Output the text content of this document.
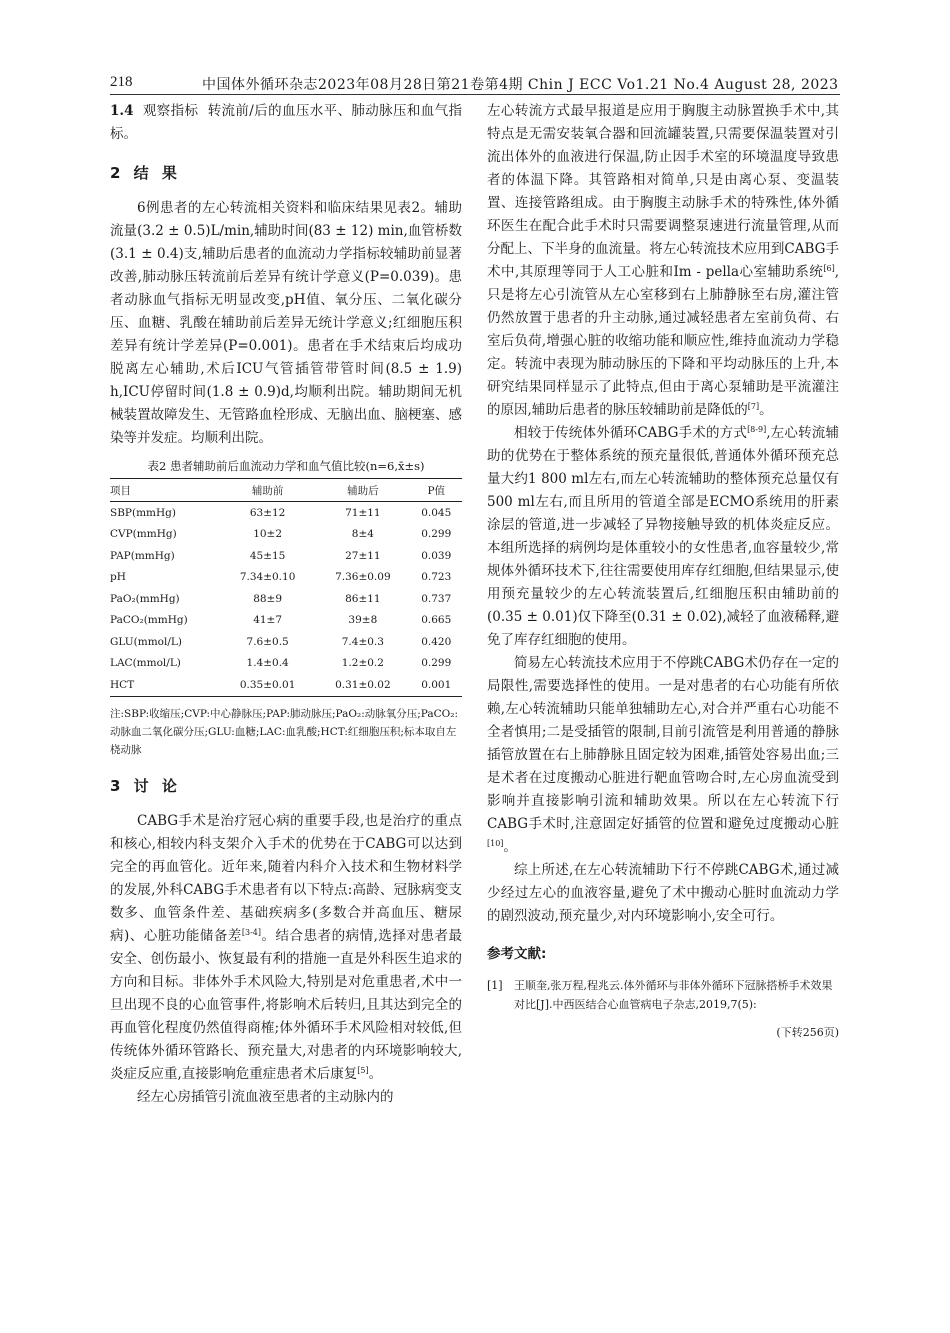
218	中国体外循环杂志2023年08月28日第21卷第4期 Chin J ECC Vo1.21 No.4 August 28, 2023

1.4 观察指标 转流前/后的血压水平、肺动脉压和血气指标。

2 结 果

6例患者的左心转流相关资料和临床结果见表2。辅助流量(3.2 ± 0.5)L/min,辅助时间(83 ± 12) min,血管桥数(3.1 ± 0.4)支,辅助后患者的血流动力学指标较辅助前显著改善,肺动脉压转流前后差异有统计学意义(P=0.039)。患者动脉血气指标无明显改变,pH值、氧分压、二氧化碳分压、血糖、乳酸在辅助前后差异无统计学意义;红细胞压积差异有统计学差异(P=0.001)。患者在手术结束后均成功脱离左心辅助,术后ICU气管插管带管时间(8.5 ± 1.9) h,ICU停留时间(1.8 ± 0.9)d,均顺利出院。辅助期间无机械装置故障发生、无管路血栓形成、无脑出血、脑梗塞、感染等并发症。均顺利出院。

表2 患者辅助前后血流动力学和血气值比较(n=6,x̄±s)
项目	辅助前	辅助后	P值
SBP(mmHg)	63±12	71±11	0.045
CVP(mmHg)	10±2	8±4	0.299
PAP(mmHg)	45±15	27±11	0.039
pH	7.34±0.10	7.36±0.09	0.723
PaO₂(mmHg)	88±9	86±11	0.737
PaCO₂(mmHg)	41±7	39±8	0.665
GLU(mmol/L)	7.6±0.5	7.4±0.3	0.420
LAC(mmol/L)	1.4±0.4	1.2±0.2	0.299
HCT	0.35±0.01	0.31±0.02	0.001

注:SBP:收缩压;CVP:中心静脉压;PAP:肺动脉压;PaO₂:动脉氧分压;PaCO₂:动脉血二氧化碳分压;GLU:血糖;LAC:血乳酸;HCT:红细胞压积;标本取自左桡动脉

3 讨 论

CABG手术是治疗冠心病的重要手段,也是治疗的重点和核心,相较内科支架介入手术的优势在于CABG可以达到完全的再血管化。近年来,随着内科介入技术和生物材料学的发展,外科CABG手术患者有以下特点:高龄、冠脉病变支数多、血管条件差、基础疾病多(多数合并高血压、糖尿病)、心脏功能储备差[3-4]。结合患者的病情,选择对患者最安全、创伤最小、恢复最有利的措施一直是外科医生追求的方向和目标。非体外手术风险大,特别是对危重患者,术中一旦出现不良的心血管事件,将影响术后转归,且其达到完全的再血管化程度仍然值得商榷;体外循环手术风险相对较低,但传统体外循环管路长、预充量大,对患者的内环境影响较大,炎症反应重,直接影响危重症患者术后康复[5]。

经左心房插管引流血液至患者的主动脉内的

左心转流方式最早报道是应用于胸腹主动脉置换手术中,其特点是无需安装氧合器和回流罐装置,只需要保温装置对引流出体外的血液进行保温,防止因手术室的环境温度导致患者的体温下降。其管路相对简单,只是由离心泵、变温装置、连接管路组成。由于胸腹主动脉手术的特殊性,体外循环医生在配合此手术时只需要调整泵速进行流量管理,从而分配上、下半身的血流量。将左心转流技术应用到CABG手术中,其原理等同于人工心脏和Im - pella心室辅助系统[6],只是将左心引流管从左心室移到右上肺静脉至右房,灌注管仍然放置于患者的升主动脉,通过减轻患者左室前负荷、右室后负荷,增强心脏的收缩功能和顺应性,维持血流动力学稳定。转流中表现为肺动脉压的下降和平均动脉压的上升,本研究结果同样显示了此特点,但由于离心泵辅助是平流灌注的原因,辅助后患者的脉压较辅助前是降低的[7]。

相较于传统体外循环CABG手术的方式[8-9],左心转流辅助的优势在于整体系统的预充量很低,普通体外循环预充总量大约1 800 ml左右,而左心转流辅助的整体预充总量仅有500 ml左右,而且所用的管道全部是ECMO系统用的肝素涂层的管道,进一步减轻了异物接触导致的机体炎症反应。本组所选择的病例均是体重较小的女性患者,血容量较少,常规体外循环技术下,往往需要使用库存红细胞,但结果显示,使用预充量较少的左心转流装置后,红细胞压积由辅助前的(0.35 ± 0.01)仅下降至(0.31 ± 0.02),减轻了血液稀释,避免了库存红细胞的使用。

简易左心转流技术应用于不停跳CABG术仍存在一定的局限性,需要选择性的使用。一是对患者的右心功能有所依赖,左心转流辅助只能单独辅助左心,对合并严重右心功能不全者慎用;二是受插管的限制,目前引流管是利用普通的静脉插管放置在右上肺静脉且固定较为困难,插管处容易出血;三是术者在过度搬动心脏进行靶血管吻合时,左心房血流受到影响并直接影响引流和辅助效果。所以在左心转流下行CABG手术时,注意固定好插管的位置和避免过度搬动心脏[10]。

综上所述,在左心转流辅助下行不停跳CABG术,通过减少经过左心的血液容量,避免了术中搬动心脏时血流动力学的剧烈波动,预充量少,对内环境影响小,安全可行。

参考文献:
[1]	王顺奎,张万程,程兆云.体外循环与非体外循环下冠脉搭桥手术效果对比[J].中西医结合心血管病电子杂志,2019,7(5):
(下转256页)
